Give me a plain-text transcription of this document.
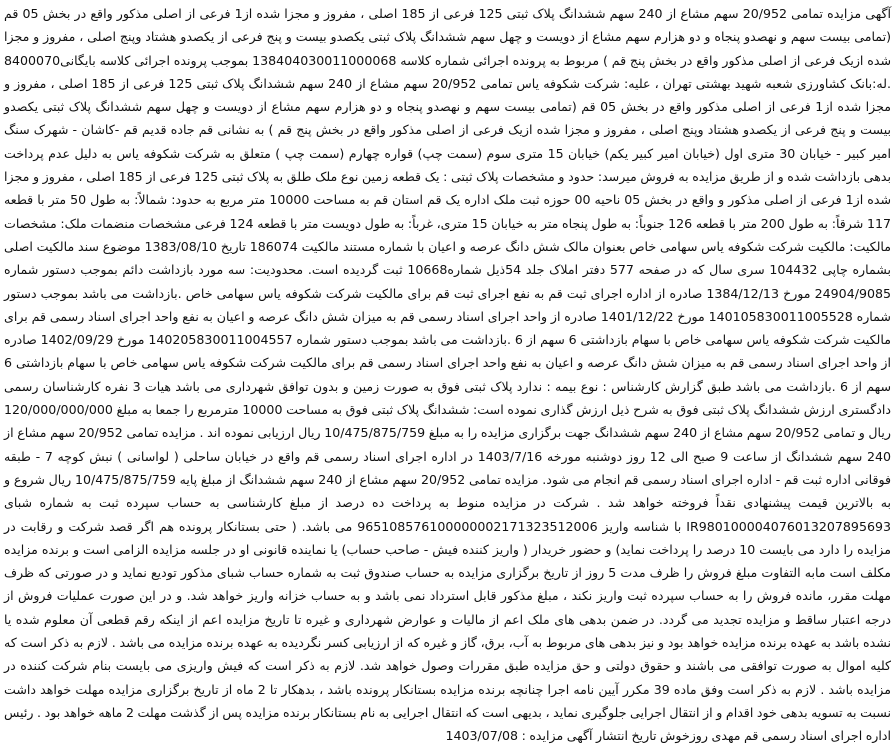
آگهی مزایده تمامی 20/952 سهم مشاع از 240 سهم ششدانگ پلاک ثبتی 125 فرعی از 185 اصلی ، مفروز و مجزا شده از1 فرعی از اصلی مذکور واقع در بخش 05 قم (تمامی بیست سهم و نهصدو پنجاه و دو هزارم سهم مشاع از دویست و چهل سهم ششدانگ پلاک ثبتی یکصدو بیست و پنج فرعی از یکصدو هشتاد وپنج اصلی ، مفروز و مجزا شده ازیک فرعی از اصلی مذکور واقع در بخش پنج قم ) مربوط به پرونده اجرائی شماره کلاسه 138404030011000068 بموجب پرونده اجرائی کلاسه بایگانی8400070 .له:بانک کشاورزی شعبه شهید بهشتی تهران ، علیه: شرکت شکوفه یاس تمامی 20/952 سهم مشاع از 240 سهم ششدانگ پلاک ثبتی 125 فرعی از 185 اصلی ، مفروز و مجزا شده از1 فرعی از اصلی مذکور واقع در بخش 05 قم (تمامی بیست سهم و نهصدو پنجاه و دو هزارم سهم مشاع از دویست و چهل سهم ششدانگ پلاک ثبتی یکصدو بیست و پنج فرعی از یکصدو هشتاد وپنج اصلی ، مفروز و مجزا شده ازیک فرعی از اصلی مذکور واقع در بخش پنج قم ) به نشانی قم جاده قدیم قم -کاشان - شهرک سنگ امیر کبیر - خیابان 30 متری اول (خیابان امیر کبیر یکم) خیابان 15 متری سوم (سمت چپ) قواره چهارم (سمت چپ ) متعلق به شرکت شکوفه یاس به دلیل عدم پرداخت بدهی بازداشت شده و از طریق مزایده به فروش میرسد: حدود و مشخصات پلاک ثبتی : یک قطعه زمین نوع ملک طلق به پلاک ثبتی 125 فرعی از 185 اصلی ، مفروز و مجزا شده از1 فرعی از اصلی مذکور و واقع در بخش 05 ناحیه 00 حوزه ثبت ملک اداره یک قم استان قم به مساحت 10000 متر مربع به حدود: شمالاً: به طول 50 متر با قطعه 117 شرقاً: به طول 200 متر با قطعه 126 جنوباً: به طول پنجاه متر به خیابان 15 متری، غرباً: به طول دویست متر با قطعه 124 فرعی مشخصات منضمات ملک: مشخصات مالکیت: مالکیت شرکت شکوفه یاس سهامی خاص بعنوان مالک شش دانگ عرصه و اعیان با شماره مستند مالکیت 186074 تاریخ 1383/08/10 موضوع سند مالکیت اصلی بشماره چاپی 104432 سری سال که در صفحه 577 دفتر املاک جلد 54ذیل شماره10668 ثبت گردیده است. محدودیت: سه مورد بازداشت دائم بموجب دستور شماره 24904/9085 مورخ 1384/12/13 صادره از اداره اجرای ثبت قم به نفع اجرای ثبت قم برای مالکیت شرکت شکوفه یاس سهامی خاص .بازداشت می باشد بموجب دستور شماره 140105830011005528 مورخ 1401/12/22 صادره از واحد اجرای اسناد رسمی قم به میزان شش دانگ عرصه و اعیان به نفع واحد اجرای اسناد رسمی قم برای مالکیت شرکت شکوفه یاس سهامی خاص با سهام بازداشتی 6 سهم از 6 .بازداشت می باشد بموجب دستور شماره 140205830011004557 مورخ 1402/09/29 صادره از واحد اجرای اسناد رسمی قم به میزان شش دانگ عرصه و اعیان به نفع واحد اجرای اسناد رسمی قم برای مالکیت شرکت شکوفه یاس سهامی خاص با سهام بازداشتی 6 سهم از 6 .بازداشت می باشد طبق گزارش کارشناس : نوع بیمه : ندارد پلاک ثبتی فوق به صورت زمین و بدون توافق شهرداری می باشد هیات 3 نفره کارشناسان رسمی دادگستری ارزش ششدانگ پلاک ثبتی فوق به شرح ذیل ارزش گذاری نموده است: ششدانگ پلاک ثبتی فوق به مساحت 10000 مترمربع را جمعا به مبلغ 120/000/000/000 ریال و تمامی 20/952 سهم مشاع از 240 سهم ششدانگ جهت برگزاری مزایده را به مبلغ 10/475/875/759 ریال ارزیابی نموده اند . مزایده تمامی 20/952 سهم مشاع از 240 سهم ششدانگ از ساعت 9 صبح الی 12 روز دوشنبه مورخه 1403/7/16 در اداره اجرای اسناد رسمی قم واقع در خیابان ساحلی ( لواسانی ) نبش کوچه 7 - طبقه فوقانی اداره ثبت قم - اداره اجرای اسناد رسمی قم انجام می شود. مزایده تمامی 20/952 سهم مشاع از 240 سهم ششدانگ از مبلغ پایه 10/475/875/759 ریال شروع و به بالاترین قیمت پیشنهادی نقداً فروخته خواهد شد . شرکت در مزایده منوط به پرداخت ده درصد از مبلغ کارشناسی به حساب سپرده ثبت به شماره شبای IR980100004076013207895693 با شناسه واریز 965108576100000002171323512006 می باشد. ( حتی بستانکار پرونده هم اگر قصد شرکت و رقابت در مزایده را دارد می بایست 10 درصد را پرداخت نماید) و حضور خریدار ( واریز کننده فیش - صاحب حساب) یا نماینده قانونی او در جلسه مزایده الزامی است و برنده مزایده مکلف است مابه التفاوت مبلغ فروش را ظرف مدت 5 روز از تاریخ برگزاری مزایده به حساب صندوق ثبت به شماره حساب شبای مذکور توديع نماید و در صورتی که ظرف مهلت مقرر، مانده فروش را به حساب سپرده ثبت واریز نکند ، مبلغ مذکور قابل استرداد نمی باشد و به حساب خزانه واریز خواهد شد. و در این صورت عملیات فروش از درجه اعتبار ساقط و مزایده تجدید می گردد. در ضمن بدهی های ملک اعم از مالیات و عوارض شهرداری و غیره تا تاریخ مزایده اعم از اینکه رقم قطعی آن معلوم شده یا نشده باشد به عهده برنده مزایده خواهد بود و نیز بدهی های مربوط به آب، برق، گاز و غیره که از ارزیابی کسر نگردیده به عهده برنده مزایده می باشد . لازم به ذکر است که کلیه اموال به صورت توافقی می باشند و حقوق دولتی و حق مزایده طبق مقررات وصول خواهد شد. لازم به ذکر است که فیش واریزی می بایست بنام شرکت کننده در مزایده باشد . لازم به ذکر است وفق ماده 39 مکرر آیین نامه اجرا چنانچه برنده مزایده بستانکار پرونده باشد ، بدهکار تا 2 ماه از تاریخ برگزاری مزایده مهلت خواهد داشت نسبت به تسویه بدهی خود اقدام و از انتقال اجرایی جلوگیری نماید ، بدیهی است که انتقال اجرایی به نام بستانکار برنده مزایده پس از گذشت مهلت 2 ماهه خواهد بود . رئیس اداره اجرای اسناد رسمی قم مهدی روزخوش تاریخ انتشار آگهی مزایده : 1403/07/08
